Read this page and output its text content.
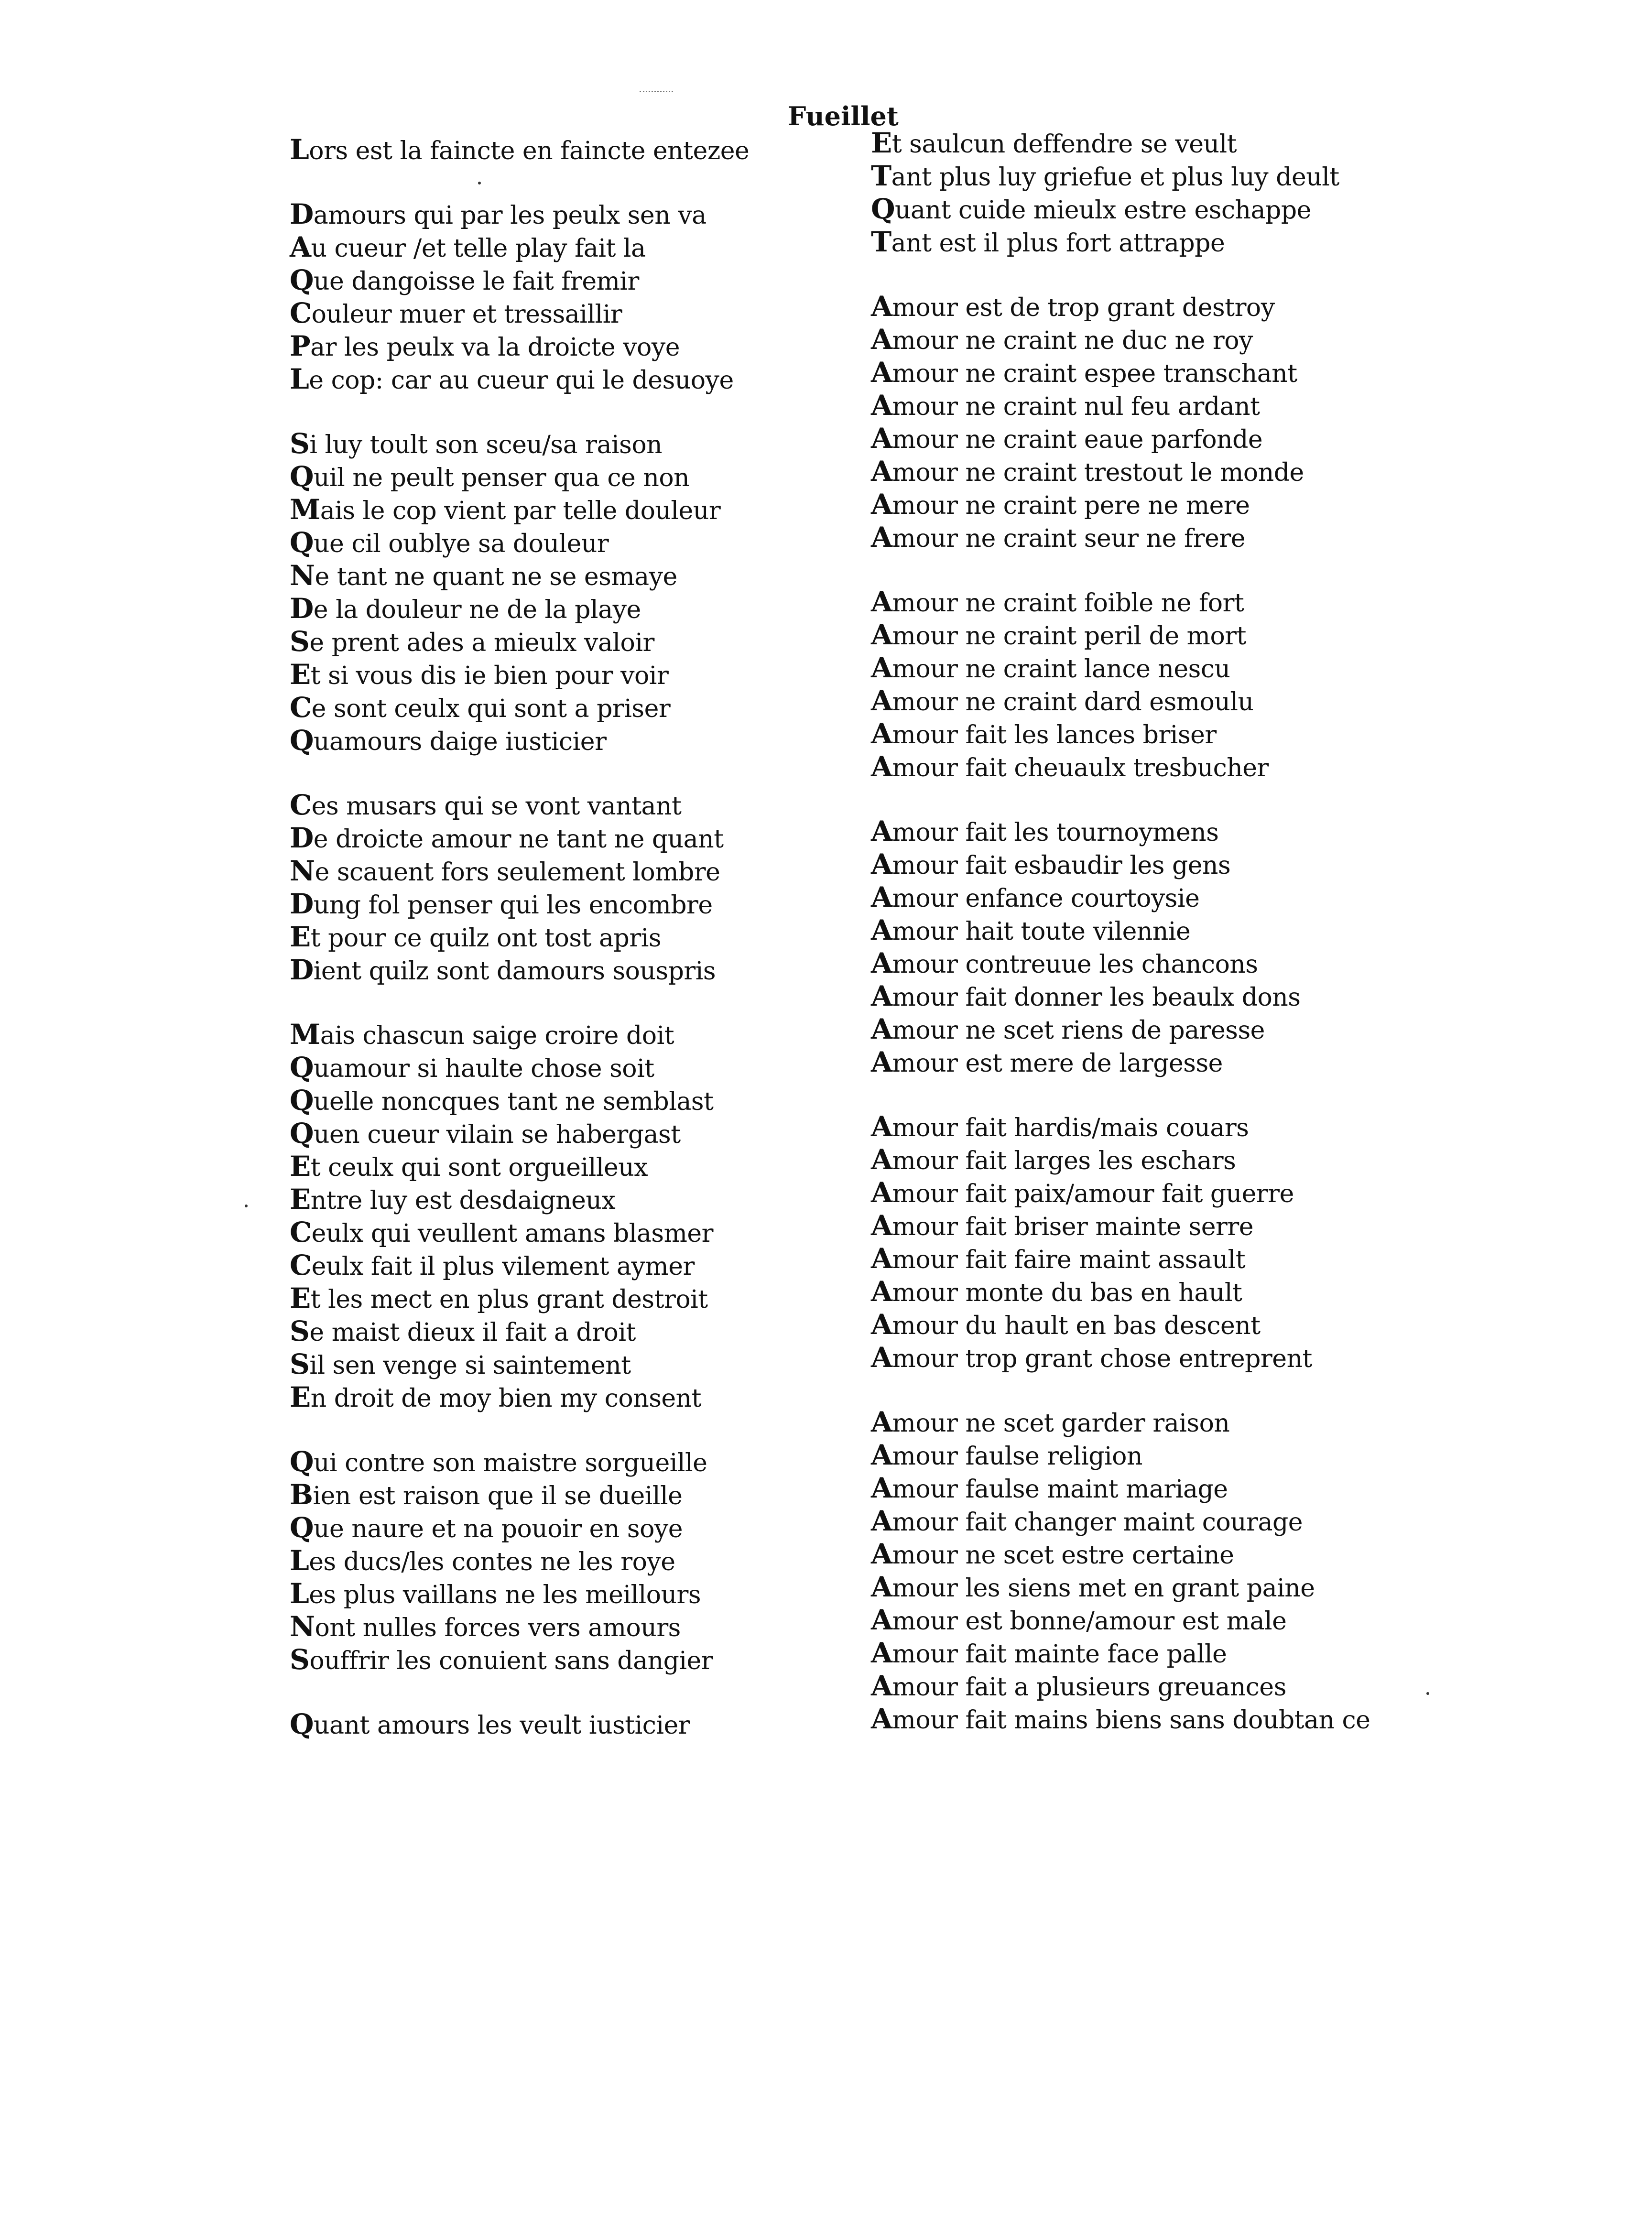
Fueillet
Lors est la faincte en faincte entezee
Damours qui par les peulx sen va
Au cueur /et telle play fait la
Que dangoisse le fait fremir
Couleur muer et tressaillir
Par les peulx va la droicte voye
Le cop: car au cueur qui le desuoye
Si luy toult son sceu/sa raison
Quil ne peult penser qua ce non
Mais le cop vient par telle douleur
Que cil oublye sa douleur
Ne tant ne quant ne se esmaye
De la douleur ne de la playe
Se prent ades a mieulx valoir
Et si vous dis ie bien pour voir
Ce sont ceulx qui sont a priser
Quamours daige iusticier
Ces musars qui se vont vantant
De droicte amour ne tant ne quant
Ne scauent fors seulement lombre
Dung fol penser qui les encombre
Et pour ce quilz ont tost apris
Dient quilz sont damours souspris
Mais chascun saige croire doit
Quamour si haulte chose soit
Quelle noncques tant ne semblast
Quen cueur vilain se habergast
Et ceulx qui sont orgueilleux
Entre luy est desdaigneux
Ceulx qui veullent amans blasmer
Ceulx fait il plus vilement aymer
Et les mect en plus grant destroit
Se maist dieux il fait a droit
Sil sen venge si saintement
En droit de moy bien my consent
Qui contre son maistre sorgueille
Bien est raison que il se dueille
Que naure et na pouoir en soye
Les ducs/les contes ne les roye
Les plus vaillans ne les meillours
Nont nulles forces vers amours
Souffrir les conuient sans dangier
Quant amours les veult iusticier
Et saulcun deffendre se veult
Tant plus luy griefue et plus luy deult
Quant cuide mieulx estre eschappe
Tant est il plus fort attrappe
Amour est de trop grant destroy
Amour ne craint ne duc ne roy
Amour ne craint espee transchant
Amour ne craint nul feu ardant
Amour ne craint eaue parfonde
Amour ne craint trestout le monde
Amour ne craint pere ne mere
Amour ne craint seur ne frere
Amour ne craint foible ne fort
Amour ne craint peril de mort
Amour ne craint lance nescu
Amour ne craint dard esmoulu
Amour fait les lances briser
Amour fait cheuaulx tresbucher
Amour fait les tournoymens
Amour fait esbaudir les gens
Amour enfance courtoysie
Amour hait toute vilennie
Amour contreuue les chancons
Amour fait donner les beaulx dons
Amour ne scet riens de paresse
Amour est mere de largesse
Amour fait hardis/mais couars
Amour fait larges les eschars
Amour fait paix/amour fait guerre
Amour fait briser mainte serre
Amour fait faire maint assault
Amour monte du bas en hault
Amour du hault en bas descent
Amour trop grant chose entreprent
Amour ne scet garder raison
Amour faulse religion
Amour faulse maint mariage
Amour fait changer maint courage
Amour ne scet estre certaine
Amour les siens met en grant paine
Amour est bonne/amour est male
Amour fait mainte face palle
Amour fait a plusieurs greuances
Amour fait mains biens sans doubtan ce
